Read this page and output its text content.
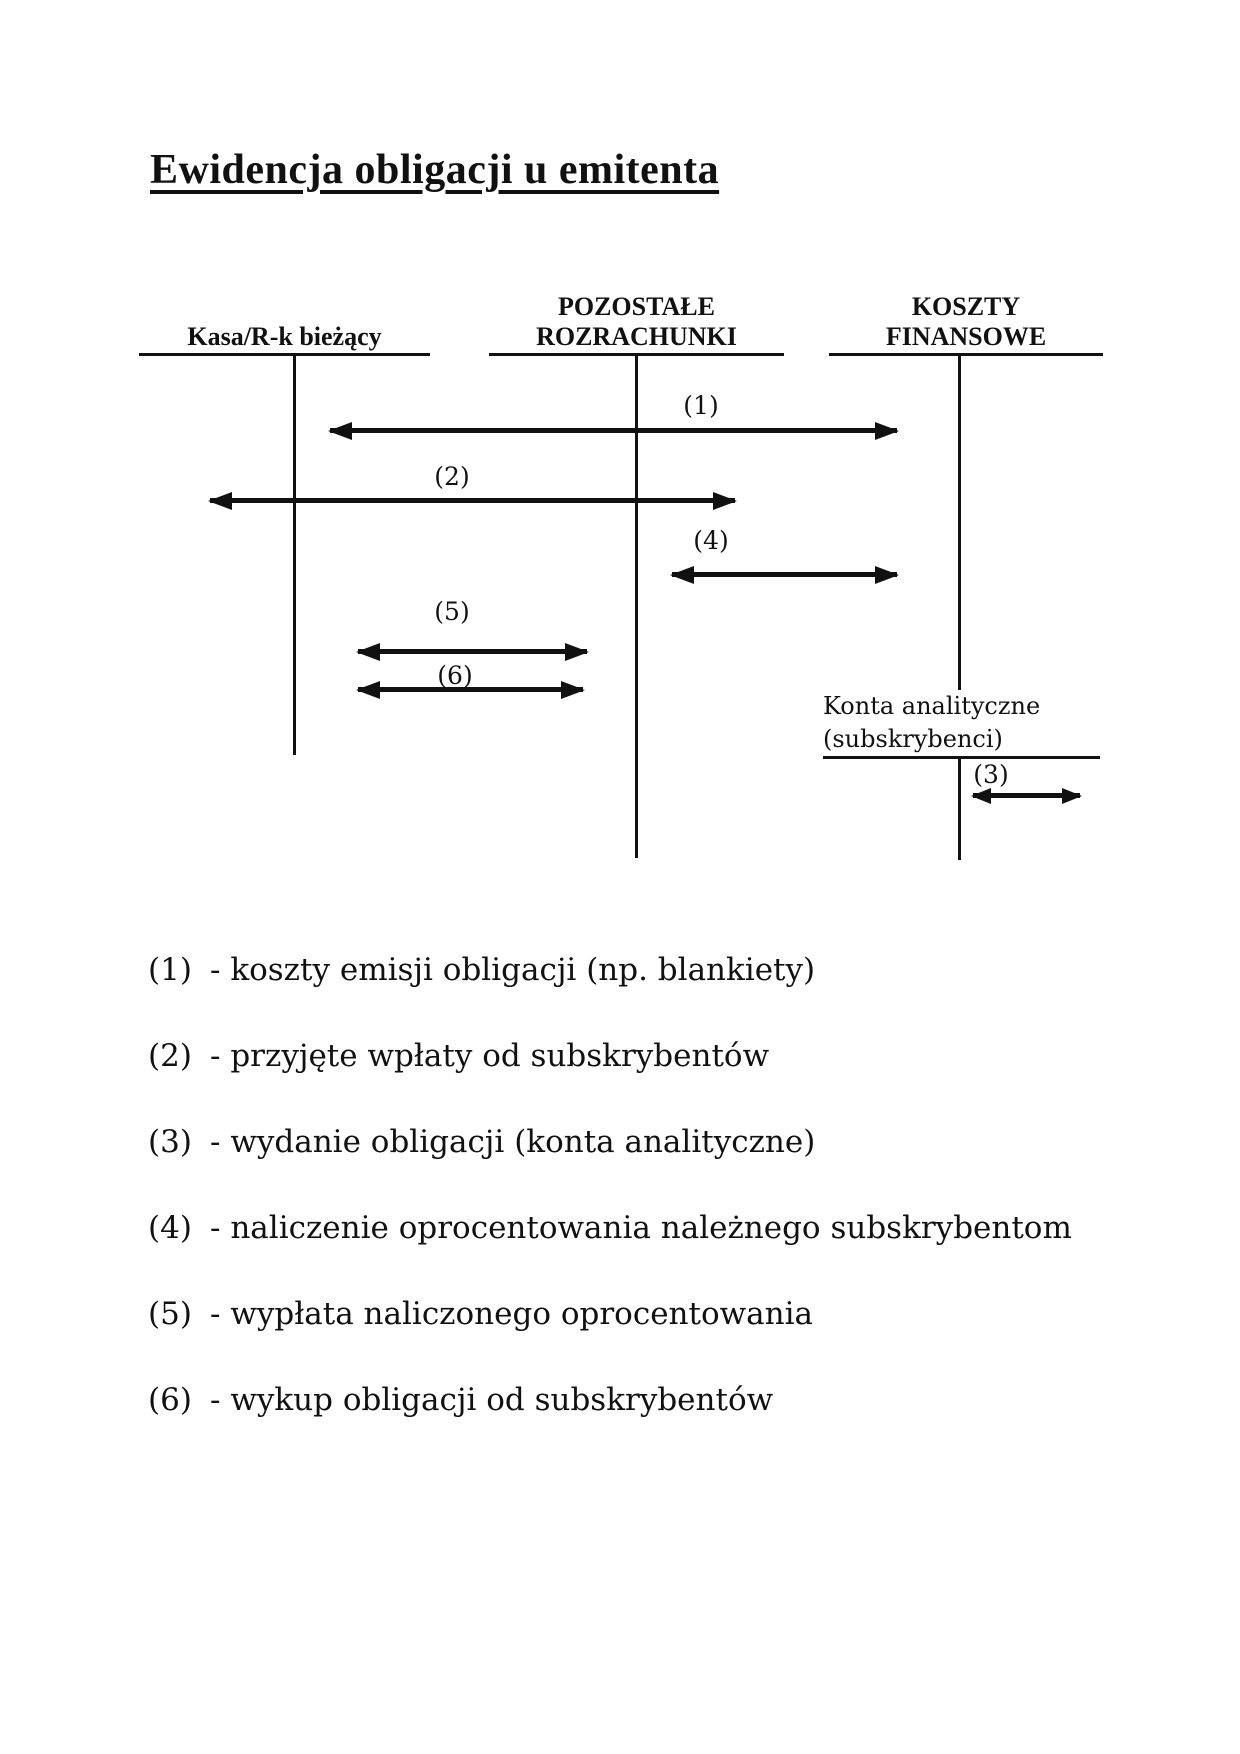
Ewidencja obligacji u emitenta
Kasa/R-k bieżący
POZOSTAŁE
ROZRACHUNKI
KOSZTY
FINANSOWE
Konta analityczne
(subskrybenci)
(1)
(2)
(4)
(5)
(6)
(3)
(1) - koszty emisji obligacji (np. blankiety)
(2) - przyjęte wpłaty od subskrybentów
(3) - wydanie obligacji (konta analityczne)
(4) - naliczenie oprocentowania należnego subskrybentom
(5) - wypłata naliczonego oprocentowania
(6) - wykup obligacji od subskrybentów
